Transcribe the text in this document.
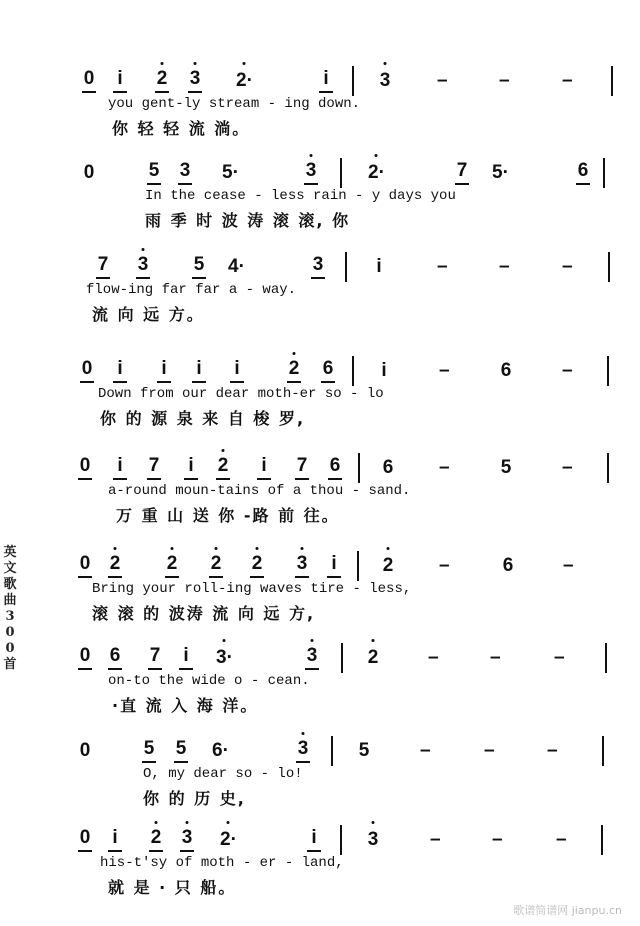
0 i 2 3 2·	i	3 –	–	–
you gent-ly stream - ing down.
你 轻 轻 流 淌。
0	5 3 5·	3	2·	7 5·	6
In the cease - less rain - y days you
雨 季 时 波 涛 滚 滚, 你
7 3 5 4·	3	i	–	–	–
flow-ing far far a - way.
流 向 远 方。
0 i i i i	2 6	i	–	6	–
Down from our dear moth-er so - lo
你 的 源 泉 来 自 梭 罗,
0 i 7 i 2 i 7 6 6 –	5	–
a-round moun-tains of a thou - sand.
万 重 山 送 你 -路 前 往。
0 2 2 2 2 3 i 2 –	6	–
Bring your roll-ing waves tire - less,
滚 滚 的 波涛 流 向 远 方,
0 6 7 i 3·	3	2	–	–	–
on-to the wide o - cean.
·直 流 入 海 洋。
0	5 5 6·	3	5	–	–	–
O, my dear so - lo!
你 的 历 史,
0 i 2 3 2·	i	3	–	–	–
his-t'sy of moth - er - land,
就 是 · 只 船。
英文歌曲300首
歌谱简谱网 jianpu.cn
